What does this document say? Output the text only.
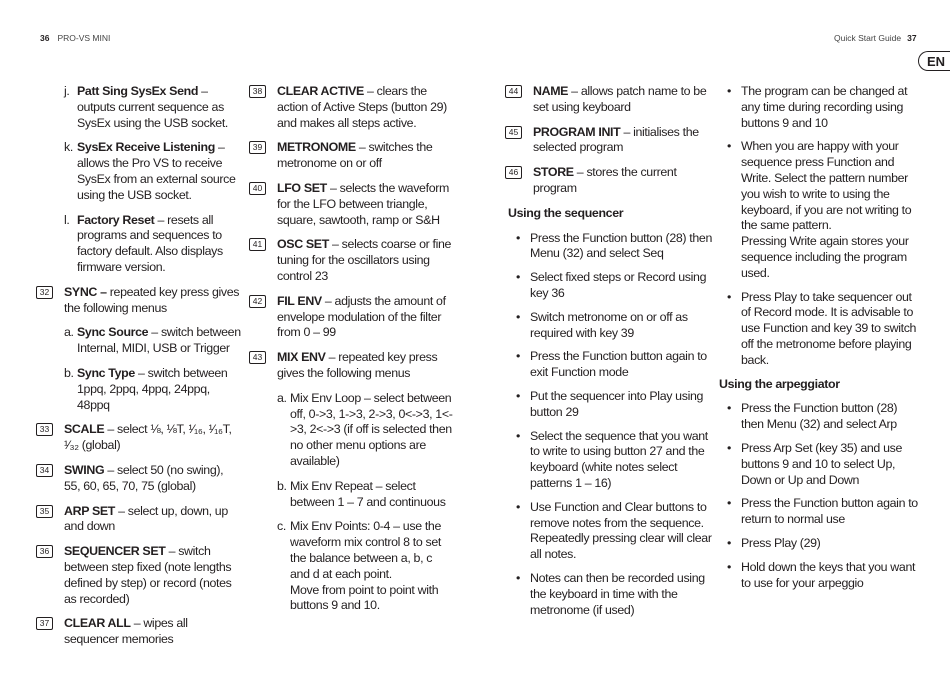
36 PRO-VS MINI	Quick Start Guide 37
EN
j. Patt Sing SysEx Send – outputs current sequence as SysEx using the USB socket.
k. SysEx Receive Listening – allows the Pro VS to receive SysEx from an external source using the USB socket.
l. Factory Reset – resets all programs and sequences to factory default. Also displays firmware version.
32	SYNC – repeated key press gives the following menus
a. Sync Source – switch between Internal, MIDI, USB or Trigger
b. Sync Type – switch between 1ppq, 2ppq, 4ppq, 24ppq, 48ppq
33	SCALE – select ⅛, ⅛T, ¹⁄₁₆, ¹⁄₁₆T, ¹⁄₃₂ (global)
34	SWING – select 50 (no swing), 55, 60, 65, 70, 75 (global)
35	ARP SET – select up, down, up and down
36	SEQUENCER SET – switch between step fixed (note lengths defined by step) or record (notes as recorded)
37	CLEAR ALL – wipes all sequencer memories
38	CLEAR ACTIVE – clears the action of Active Steps (button 29) and makes all steps active.
39	METRONOME – switches the metronome on or off
40	LFO SET – selects the waveform for the LFO between triangle, square, sawtooth, ramp or S&H
41	OSC SET – selects coarse or fine tuning for the oscillators using control 23
42	FIL ENV – adjusts the amount of envelope modulation of the filter from 0 – 99
43	MIX ENV – repeated key press gives the following menus
a. Mix Env Loop – select between off, 0->3, 1->3, 2->3, 0<->3, 1<->3, 2<->3 (if off is selected then no other menu options are available)
b. Mix Env Repeat – select between 1 – 7 and continuous
c. Mix Env Points: 0-4 – use the waveform mix control 8 to set the balance between a, b, c and d at each point.
Move from point to point with buttons 9 and 10.
44	NAME – allows patch name to be set using keyboard
45	PROGRAM INIT – initialises the selected program
46	STORE – stores the current program
Using the sequencer
• Press the Function button (28) then Menu (32) and select Seq
• Select fixed steps or Record using key 36
• Switch metronome on or off as required with key 39
• Press the Function button again to exit Function mode
• Put the sequencer into Play using button 29
• Select the sequence that you want to write to using button 27 and the keyboard (white notes select patterns 1 – 16)
• Use Function and Clear buttons to remove notes from the sequence. Repeatedly pressing clear will clear all notes.
• Notes can then be recorded using the keyboard in time with the metronome (if used)
• The program can be changed at any time during recording using buttons 9 and 10
• When you are happy with your sequence press Function and Write. Select the pattern number you wish to write to using the keyboard, if you are not writing to the same pattern.
Pressing Write again stores your sequence including the program used.
• Press Play to take sequencer out of Record mode. It is advisable to use Function and key 39 to switch off the metronome before playing back.
Using the arpeggiator
• Press the Function button (28) then Menu (32) and select Arp
• Press Arp Set (key 35) and use buttons 9 and 10 to select Up, Down or Up and Down
• Press the Function button again to return to normal use
• Press Play (29)
• Hold down the keys that you want to use for your arpeggio
